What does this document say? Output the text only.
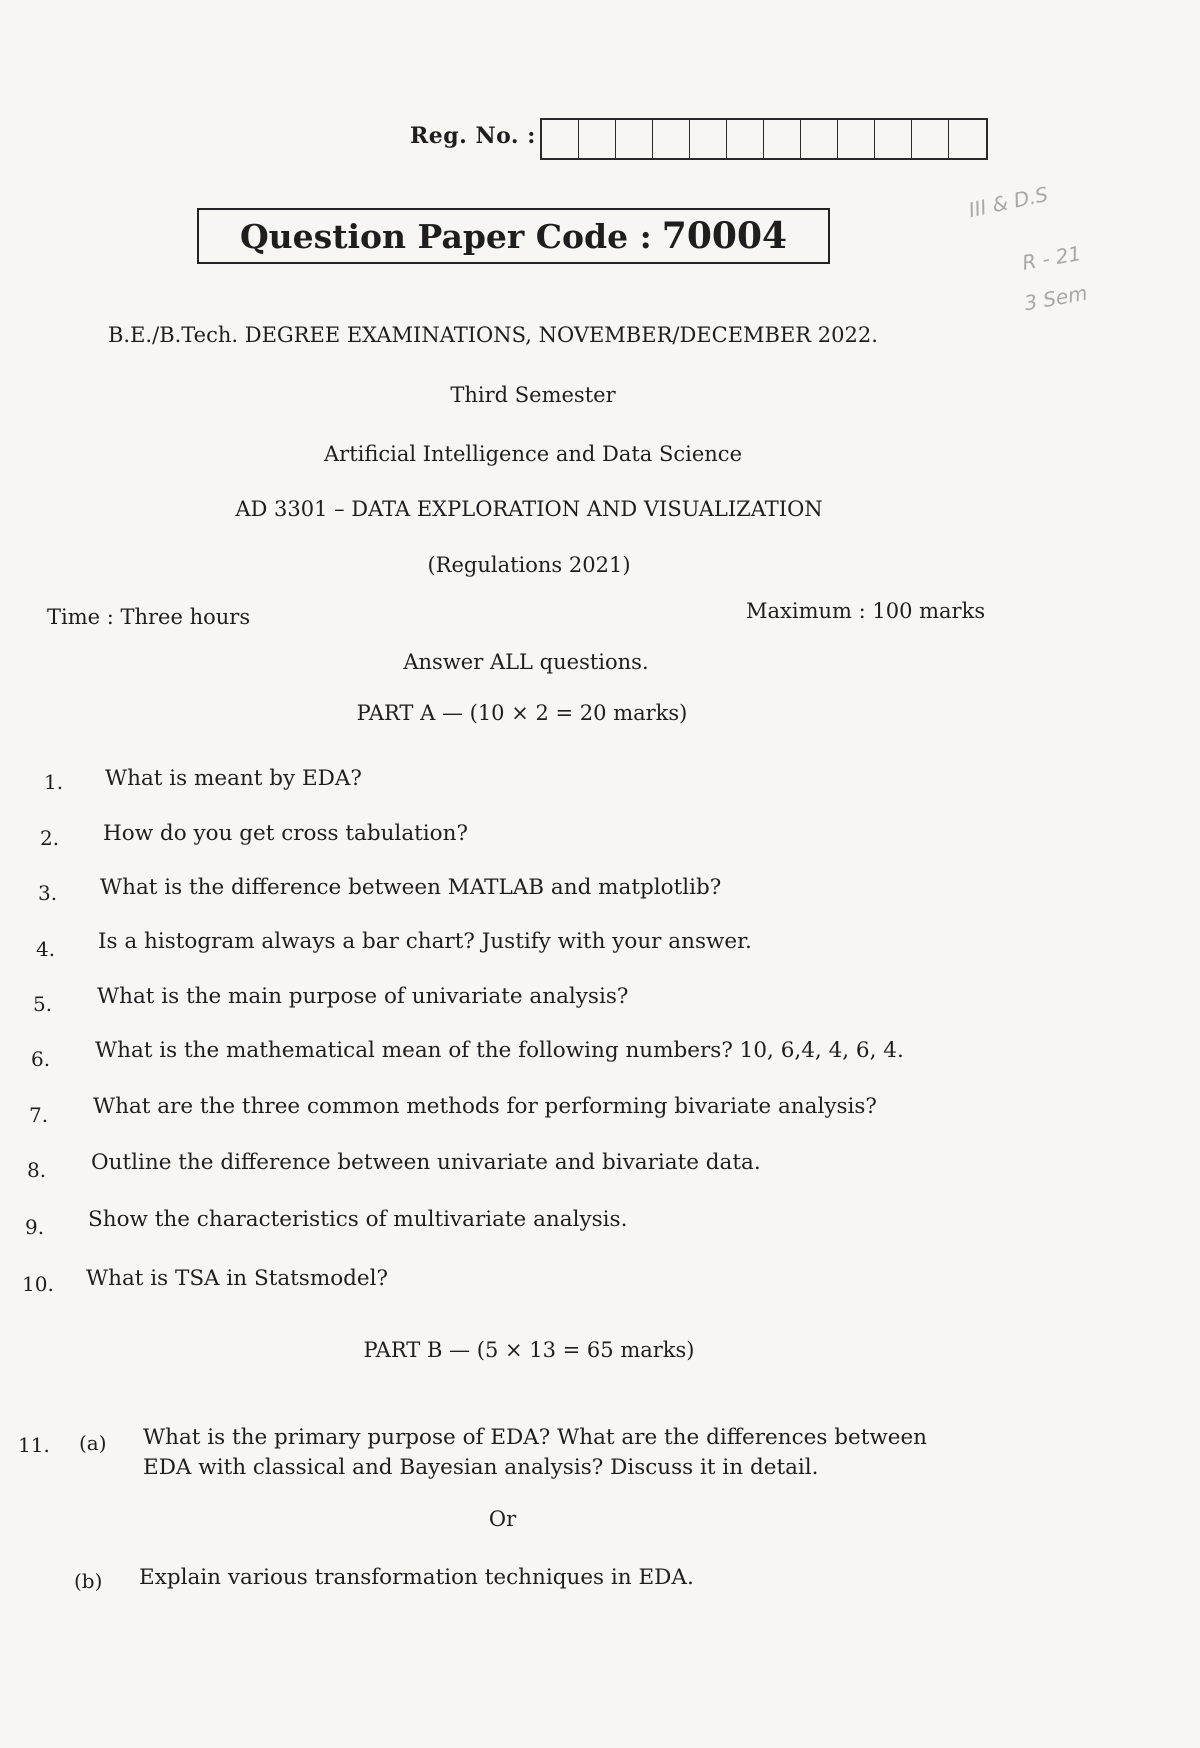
Reg. No. :
Question Paper Code : 70004
III & D.S
R - 21
3 Sem
B.E./B.Tech. DEGREE EXAMINATIONS, NOVEMBER/DECEMBER 2022.
Third Semester
Artificial Intelligence and Data Science
AD 3301 – DATA EXPLORATION AND VISUALIZATION
(Regulations 2021)
Time : Three hours	Maximum : 100 marks
Answer ALL questions.
PART A — (10 × 2 = 20 marks)
1. What is meant by EDA?
2. How do you get cross tabulation?
3. What is the difference between MATLAB and matplotlib?
4. Is a histogram always a bar chart? Justify with your answer.
5. What is the main purpose of univariate analysis?
6. What is the mathematical mean of the following numbers? 10, 6,4, 4, 6, 4.
7. What are the three common methods for performing bivariate analysis?
8. Outline the difference between univariate and bivariate data.
9. Show the characteristics of multivariate analysis.
10. What is TSA in Statsmodel?
PART B — (5 × 13 = 65 marks)
11. (a) What is the primary purpose of EDA? What are the differences between
EDA with classical and Bayesian analysis? Discuss it in detail.
Or
(b) Explain various transformation techniques in EDA.
